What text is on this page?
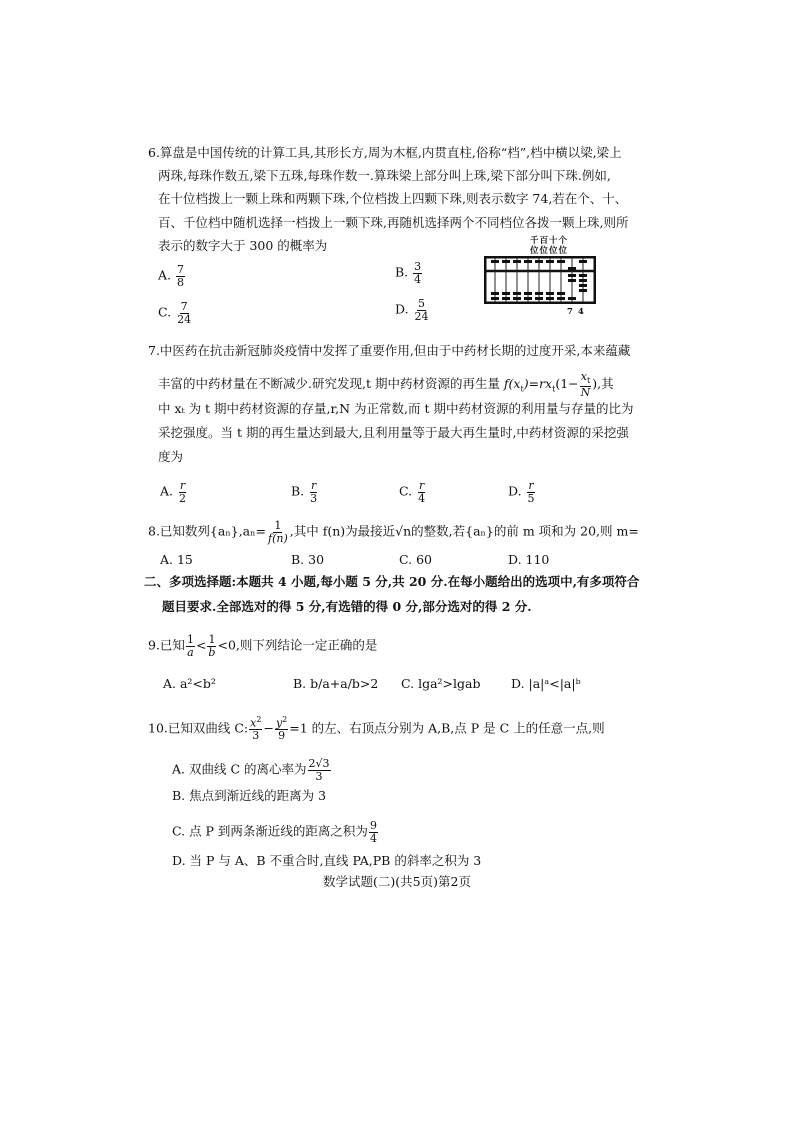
6.算盘是中国传统的计算工具,其形长方,周为木框,内贯直柱,俗称“档”,档中横以梁,梁上
两珠,每珠作数五,梁下五珠,每珠作数一.算珠梁上部分叫上珠,梁下部分叫下珠.例如,
在十位档拨上一颗上珠和两颗下珠,个位档拨上四颗下珠,则表示数字 74,若在个、十、
百、千位档中随机选择一档拨上一颗下珠,再随机选择两个不同档位各拨一颗上珠,则所
表示的数字大于 300 的概率为
A. $\frac{7}{8}$	B. $\frac{3}{4}$
C. $\frac{7}{24}$	D. $\frac{5}{24}$
千百十个
位位位位
7 4
7.中医药在抗击新冠肺炎疫情中发挥了重要作用,但由于中药材长期的过度开采,本来蕴藏
丰富的中药材量在不断减少.研究发现,t 期中药材资源的再生量 $f(x_t)=rx_t(1- \frac{x_t}{N}$ ),其
中 xₜ 为 t 期中药材资源的存量,r,N 为正常数,而 t 期中药材资源的利用量与存量的比为
采挖强度。当 t 期的再生量达到最大,且利用量等于最大再生量时,中药材资源的采挖强
度为
A. $\frac{r}{2}$	B. $\frac{r}{3}$	C. $\frac{r}{4}$	D. $\frac{r}{5}$
8.已知数列$\{a_n\},a_n= \frac{1}{f(n)}$ ,其中 f(n)为最接近√n的整数,若{aₙ}的前 m 项和为 20,则 m=
A. 15	B. 30	C. 60	D. 110
二、多项选择题:本题共 4 小题,每小题 5 分,共 20 分.在每小题给出的选项中,有多项符合
题目要求.全部选对的得 5 分,有选错的得 0 分,部分选对的得 2 分.
9.已知 $\frac{1}{a} < \frac{1}{b} <0$,则下列结论一定正确的是
A. a²<b²	B. b/a+a/b>2 C. lga²>lgab D. |a|ᵃ<|a|ᵇ
10.已知双曲线 C: $\frac{x^2}{3} - \frac{y^2}{9} =1$ 的左、右顶点分别为 A,B,点 P 是 C 上的任意一点,则
A. 双曲线 C 的离心率为 $\frac{2√3}{3}$
B. 焦点到渐近线的距离为 3
C. 点 P 到两条渐近线的距离之积为 $\frac{9}{4}$
D. 当 P 与 A、B 不重合时,直线 PA,PB 的斜率之积为 3
数学试题(二)(共5页)第2页
